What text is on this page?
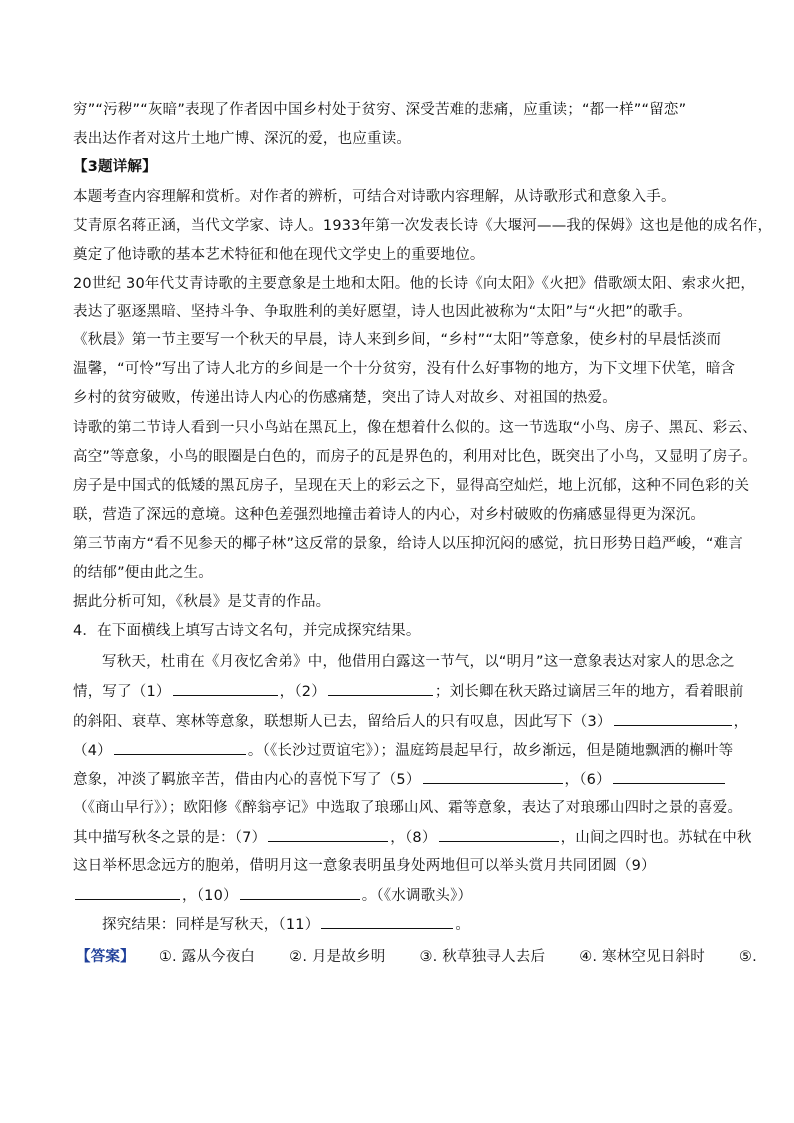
穷”“污秽”“灰暗”表现了作者因中国乡村处于贫穷、深受苦难的悲痛，应重读；“都一样”“留恋”
表出达作者对这片土地广博、深沉的爱，也应重读。
【3题详解】
本题考查内容理解和赏析。对作者的辨析，可结合对诗歌内容理解，从诗歌形式和意象入手。
艾青原名蒋正涵，当代文学家、诗人。1933年第一次发表长诗《大堰河——我的保姆》这也是他的成名作，
奠定了他诗歌的基本艺术特征和他在现代文学史上的重要地位。
20世纪 30年代艾青诗歌的主要意象是土地和太阳。他的长诗《向太阳》《火把》借歌颂太阳、索求火把，
表达了驱逐黑暗、坚持斗争、争取胜利的美好愿望，诗人也因此被称为“太阳”与“火把”的歌手。
《秋晨》第一节主要写一个秋天的早晨，诗人来到乡间，“乡村”“太阳”等意象，使乡村的早晨恬淡而
温馨，“可怜”写出了诗人北方的乡间是一个十分贫穷，没有什么好事物的地方，为下文埋下伏笔，暗含
乡村的贫穷破败，传递出诗人内心的伤感痛楚，突出了诗人对故乡、对祖国的热爱。
诗歌的第二节诗人看到一只小鸟站在黑瓦上，像在想着什么似的。这一节选取“小鸟、房子、黑瓦、彩云、
高空”等意象，小鸟的眼圈是白色的，而房子的瓦是界色的，利用对比色，既突出了小鸟，又显明了房子。
房子是中国式的低矮的黑瓦房子，呈现在天上的彩云之下，显得高空灿烂，地上沉郁，这种不同色彩的关
联，营造了深远的意境。这种色差强烈地撞击着诗人的内心，对乡村破败的伤痛感显得更为深沉。
第三节南方“看不见参天的椰子林”这反常的景象，给诗人以压抑沉闷的感觉，抗日形势日趋严峻，“难言
的结郁”便由此之生。
据此分析可知，《秋晨》是艾青的作品。
4．在下面横线上填写古诗文名句，并完成探究结果。
写秋天，杜甫在《月夜忆舍弟》中，他借用白露这一节气，以“明月”这一意象表达对家人的思念之
情，写了（1）	，（2）	；刘长卿在秋天路过谪居三年的地方，看着眼前
的斜阳、衰草、寒林等意象，联想斯人已去，留给后人的只有叹息，因此写下（3）	，
（4）	。（《长沙过贾谊宅》）；温庭筠晨起早行，故乡渐远，但是随地飘洒的槲叶等
意象，冲淡了羁旅辛苦，借由内心的喜悦下写了（5）	，（6）
（《商山早行》）；欧阳修《醉翁亭记》中选取了琅琊山风、霜等意象，表达了对琅琊山四时之景的喜爱。
其中描写秋冬之景的是：（7）	，（8）	，山间之四时也。苏轼在中秋
这日举杯思念远方的胞弟，借明月这一意象表明虽身处两地但可以举头赏月共同团圆（9）
，（10）	。（《水调歌头》）
探究结果：同样是写秋天，（11）	。
【答案】 ①. 露从今夜白 ②. 月是故乡明 ③. 秋草独寻人去后 ④. 寒林空见日斜时 ⑤.
